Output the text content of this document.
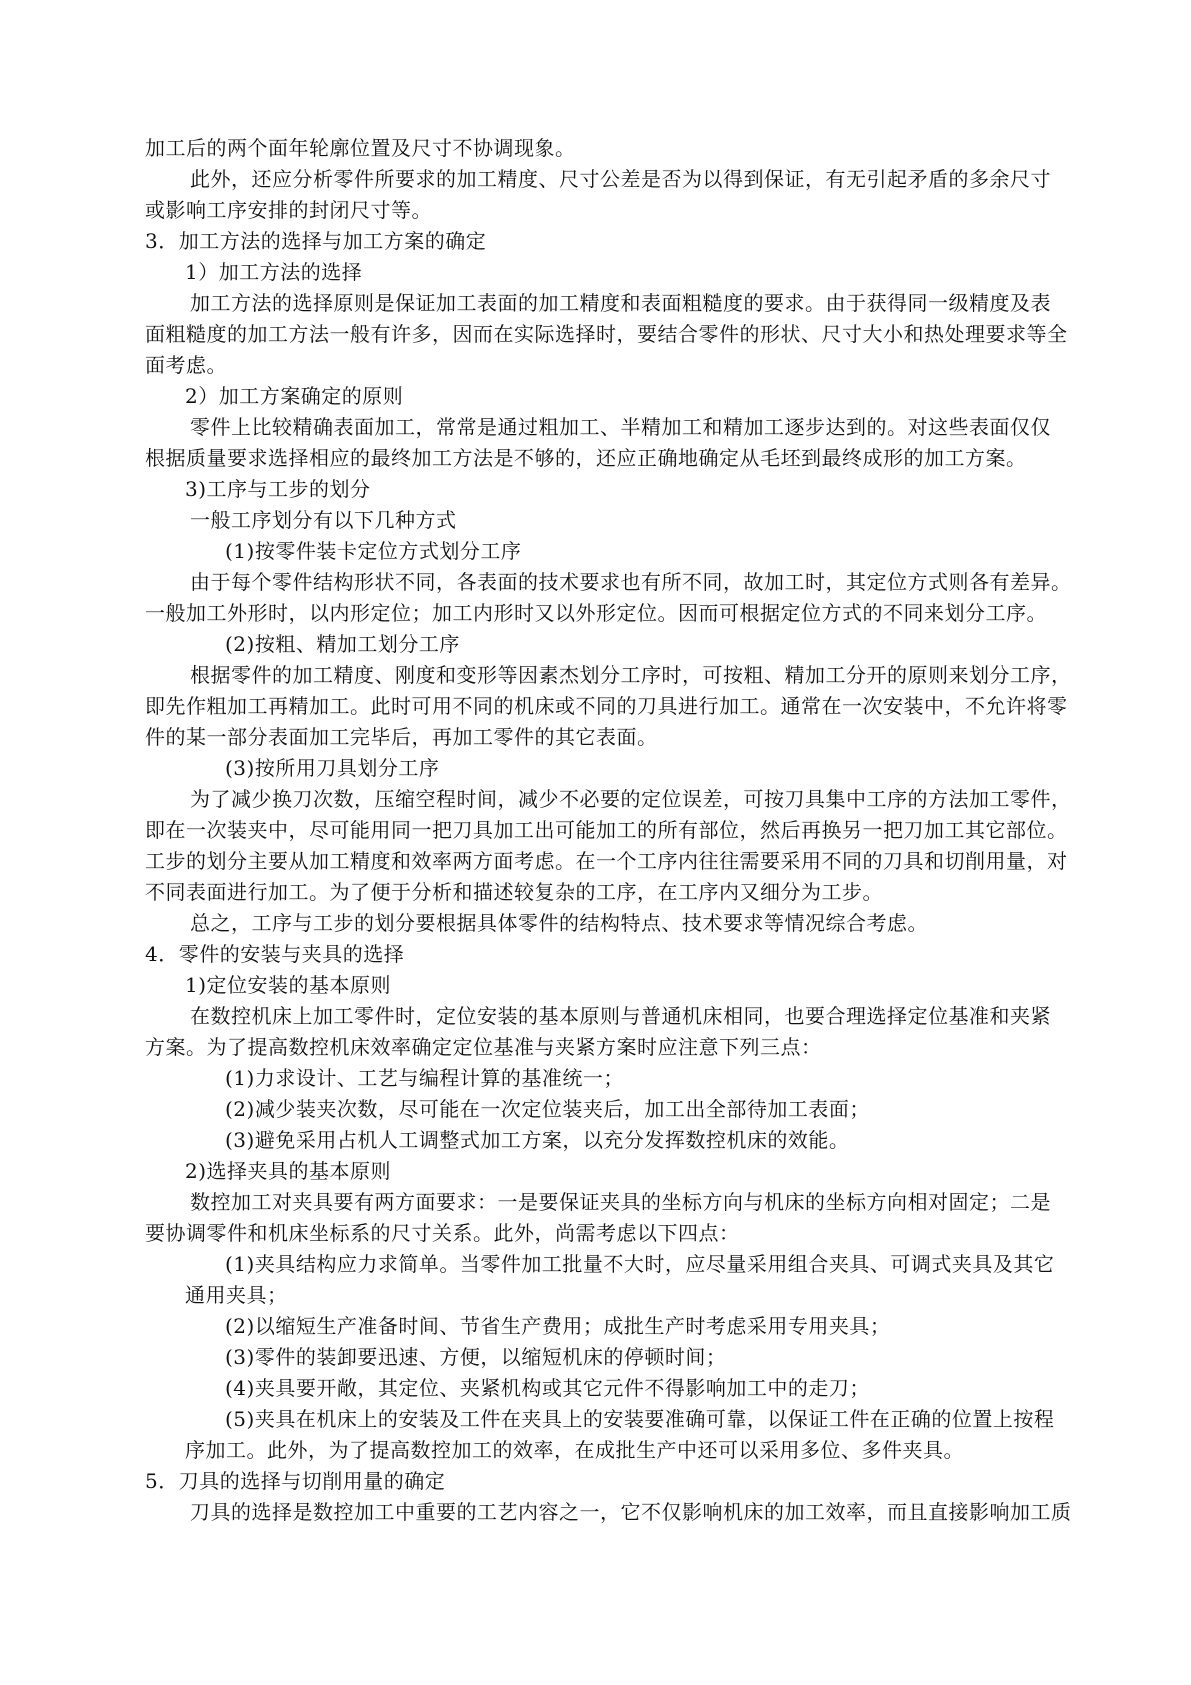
加工后的两个面年轮廓位置及尺寸不协调现象。

此外，还应分析零件所要求的加工精度、尺寸公差是否为以得到保证，有无引起矛盾的多余尺寸

或影响工序安排的封闭尺寸等。

3．加工方法的选择与加工方案的确定

1）加工方法的选择

加工方法的选择原则是保证加工表面的加工精度和表面粗糙度的要求。由于获得同一级精度及表

面粗糙度的加工方法一般有许多，因而在实际选择时，要结合零件的形状、尺寸大小和热处理要求等全

面考虑。

2）加工方案确定的原则

零件上比较精确表面加工，常常是通过粗加工、半精加工和精加工逐步达到的。对这些表面仅仅

根据质量要求选择相应的最终加工方法是不够的，还应正确地确定从毛坯到最终成形的加工方案。

3)工序与工步的划分

一般工序划分有以下几种方式

(1)按零件装卡定位方式划分工序

由于每个零件结构形状不同，各表面的技术要求也有所不同，故加工时，其定位方式则各有差异。

一般加工外形时，以内形定位；加工内形时又以外形定位。因而可根据定位方式的不同来划分工序。

(2)按粗、精加工划分工序

根据零件的加工精度、刚度和变形等因素杰划分工序时，可按粗、精加工分开的原则来划分工序，

即先作粗加工再精加工。此时可用不同的机床或不同的刀具进行加工。通常在一次安装中，不允许将零

件的某一部分表面加工完毕后，再加工零件的其它表面。

(3)按所用刀具划分工序

为了减少换刀次数，压缩空程时间，减少不必要的定位误差，可按刀具集中工序的方法加工零件，

即在一次装夹中，尽可能用同一把刀具加工出可能加工的所有部位，然后再换另一把刀加工其它部位。

工步的划分主要从加工精度和效率两方面考虑。在一个工序内往往需要采用不同的刀具和切削用量，对

不同表面进行加工。为了便于分析和描述较复杂的工序，在工序内又细分为工步。

总之，工序与工步的划分要根据具体零件的结构特点、技术要求等情况综合考虑。

4．零件的安装与夹具的选择

1)定位安装的基本原则

在数控机床上加工零件时，定位安装的基本原则与普通机床相同，也要合理选择定位基准和夹紧

方案。为了提高数控机床效率确定定位基准与夹紧方案时应注意下列三点：

(1)力求设计、工艺与编程计算的基准统一；

(2)减少装夹次数，尽可能在一次定位装夹后，加工出全部待加工表面；

(3)避免采用占机人工调整式加工方案，以充分发挥数控机床的效能。

2)选择夹具的基本原则

数控加工对夹具要有两方面要求：一是要保证夹具的坐标方向与机床的坐标方向相对固定；二是

要协调零件和机床坐标系的尺寸关系。此外，尚需考虑以下四点：

(1)夹具结构应力求简单。当零件加工批量不大时，应尽量采用组合夹具、可调式夹具及其它

通用夹具；

(2)以缩短生产准备时间、节省生产费用；成批生产时考虑采用专用夹具；

(3)零件的装卸要迅速、方便，以缩短机床的停顿时间；

(4)夹具要开敞，其定位、夹紧机构或其它元件不得影响加工中的走刀；

(5)夹具在机床上的安装及工件在夹具上的安装要准确可靠，以保证工件在正确的位置上按程

序加工。此外，为了提高数控加工的效率，在成批生产中还可以采用多位、多件夹具。

5．刀具的选择与切削用量的确定

刀具的选择是数控加工中重要的工艺内容之一，它不仅影响机床的加工效率，而且直接影响加工质
